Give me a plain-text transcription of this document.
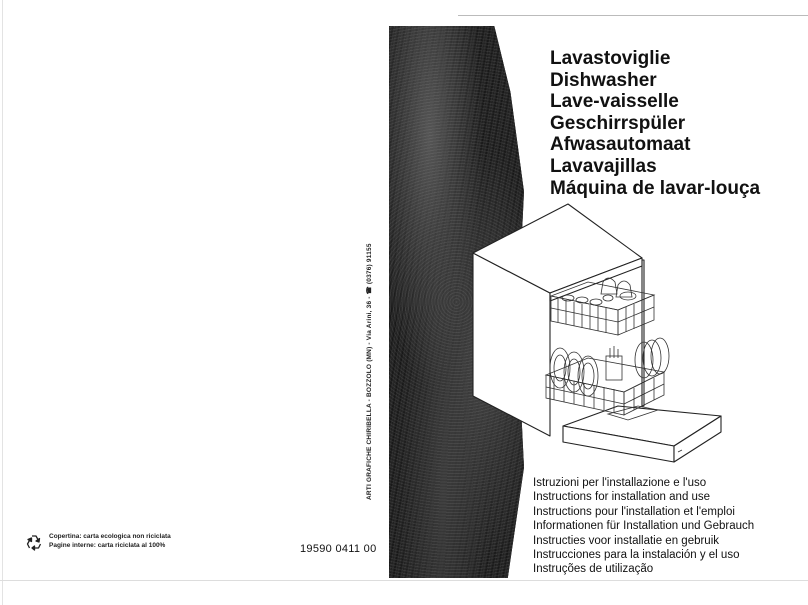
Lavastoviglie
Dishwasher
Lave-vaisselle
Geschirrspüler
Afwasautomaat
Lavavajillas
Máquina de lavar-louça
ARTI GRAFICHE CHIRIBELLA - BOZZOLO (MN) - Via Arini, 36 - ☎ (0376) 91155	Istruzioni per l'installazione e l'uso
Instructions for installation and use
Instructions pour l'installation et l'emploi
Informationen für Installation und Gebrauch
Instructies voor installatie en gebruik
Instrucciones para la instalación y el uso
Instruções de utilização
19590 0411 00
Copertina: carta ecologica non riciclata
Pagine interne: carta riciclata al 100%
